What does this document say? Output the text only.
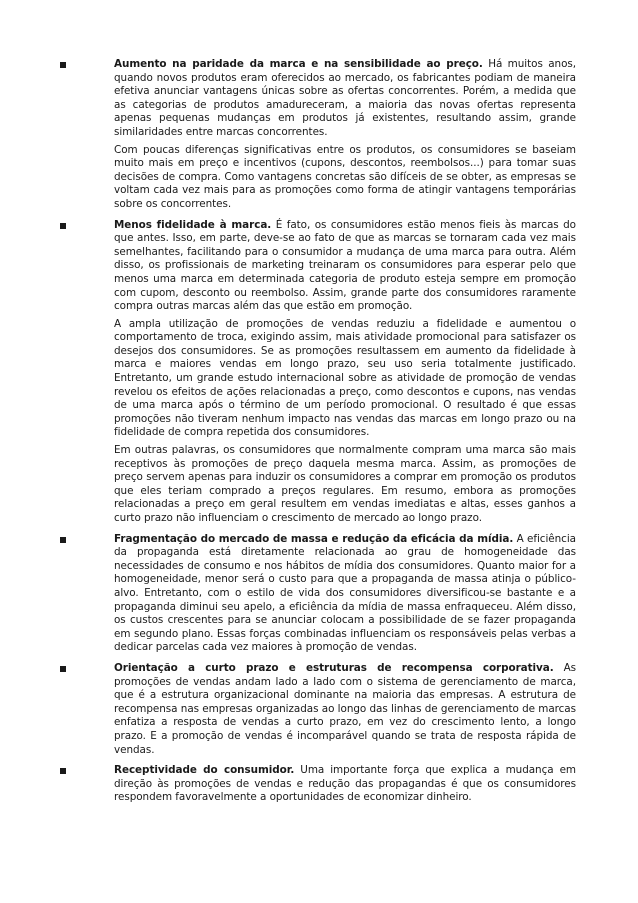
Aumento na paridade da marca e na sensibilidade ao preço. Há muitos anos, quando novos produtos eram oferecidos ao mercado, os fabricantes podiam de maneira efetiva anunciar vantagens únicas sobre as ofertas concorrentes. Porém, a medida que as categorias de produtos amadureceram, a maioria das novas ofertas representa apenas pequenas mudanças em produtos já existentes, resultando assim, grande similaridades entre marcas concorrentes.

Com poucas diferenças significativas entre os produtos, os consumidores se baseiam muito mais em preço e incentivos (cupons, descontos, reembolsos...) para tomar suas decisões de compra. Como vantagens concretas são difíceis de se obter, as empresas se voltam cada vez mais para as promoções como forma de atingir vantagens temporárias sobre os concorrentes.

Menos fidelidade à marca. É fato, os consumidores estão menos fieis às marcas do que antes. Isso, em parte, deve-se ao fato de que as marcas se tornaram cada vez mais semelhantes, facilitando para o consumidor a mudança de uma marca para outra. Além disso, os profissionais de marketing treinaram os consumidores para esperar pelo que menos uma marca em determinada categoria de produto esteja sempre em promoção com cupom, desconto ou reembolso. Assim, grande parte dos consumidores raramente compra outras marcas além das que estão em promoção.

A ampla utilização de promoções de vendas reduziu a fidelidade e aumentou o comportamento de troca, exigindo assim, mais atividade promocional para satisfazer os desejos dos consumidores. Se as promoções resultassem em aumento da fidelidade à marca e maiores vendas em longo prazo, seu uso seria totalmente justificado. Entretanto, um grande estudo internacional sobre as atividade de promoção de vendas revelou os efeitos de ações relacionadas a preço, como descontos e cupons, nas vendas de uma marca após o término de um período promocional. O resultado é que essas promoções não tiveram nenhum impacto nas vendas das marcas em longo prazo ou na fidelidade de compra repetida dos consumidores.

Em outras palavras, os consumidores que normalmente compram uma marca são mais receptivos às promoções de preço daquela mesma marca. Assim, as promoções de preço servem apenas para induzir os consumidores a comprar em promoção os produtos que eles teriam comprado a preços regulares. Em resumo, embora as promoções relacionadas a preço em geral resultem em vendas imediatas e altas, esses ganhos a curto prazo não influenciam o crescimento de mercado ao longo prazo.

Fragmentação do mercado de massa e redução da eficácia da mídia. A eficiência da propaganda está diretamente relacionada ao grau de homogeneidade das necessidades de consumo e nos hábitos de mídia dos consumidores. Quanto maior for a homogeneidade, menor será o custo para que a propaganda de massa atinja o público-alvo. Entretanto, com o estilo de vida dos consumidores diversificou-se bastante e a propaganda diminui seu apelo, a eficiência da mídia de massa enfraqueceu. Além disso, os custos crescentes para se anunciar colocam a possibilidade de se fazer propaganda em segundo plano. Essas forças combinadas influenciam os responsáveis pelas verbas a dedicar parcelas cada vez maiores à promoção de vendas.

Orientação a curto prazo e estruturas de recompensa corporativa. As promoções de vendas andam lado a lado com o sistema de gerenciamento de marca, que é a estrutura organizacional dominante na maioria das empresas. A estrutura de recompensa nas empresas organizadas ao longo das linhas de gerenciamento de marcas enfatiza a resposta de vendas a curto prazo, em vez do crescimento lento, a longo prazo. E a promoção de vendas é incomparável quando se trata de resposta rápida de vendas.

Receptividade do consumidor. Uma importante força que explica a mudança em direção às promoções de vendas e redução das propagandas é que os consumidores respondem favoravelmente a oportunidades de economizar dinheiro.
